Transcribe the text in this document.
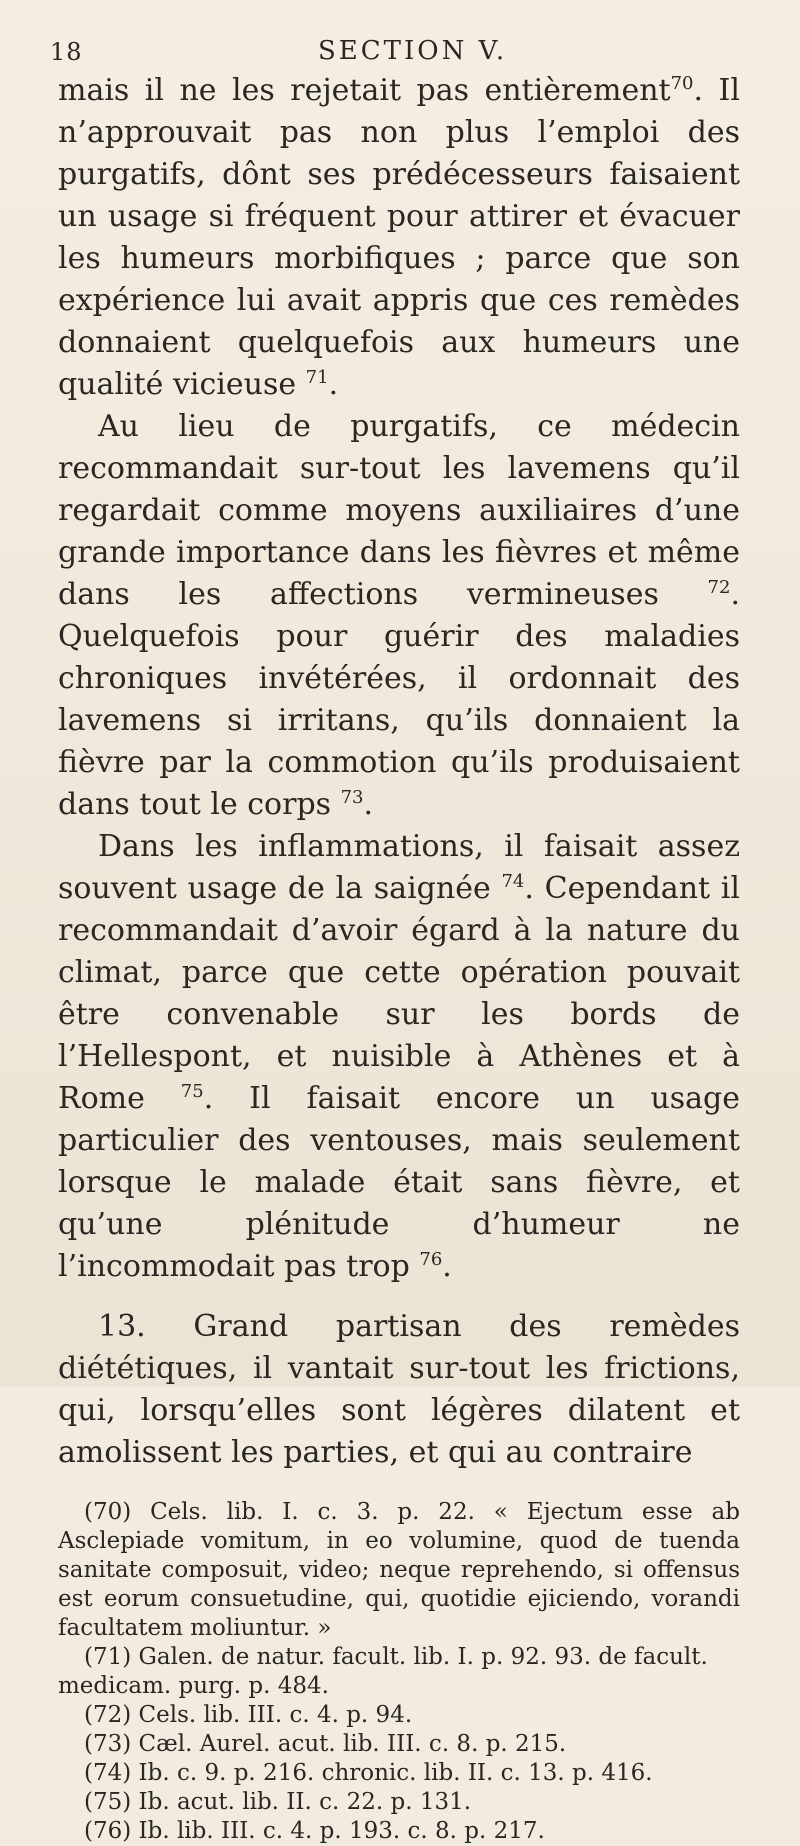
18	SECTION V.

mais il ne les rejetait pas entièrement$^{70}$. Il n’approuvait pas non plus l’emploi des purgatifs, dônt ses prédécesseurs faisaient un usage si fréquent pour attirer et évacuer les humeurs morbifiques ; parce que son expérience lui avait appris que ces remèdes donnaient quelquefois aux humeurs une qualité vicieuse $^{71}$.
Au lieu de purgatifs, ce médecin recommandait sur-tout les lavemens qu’il regardait comme moyens auxiliaires d’une grande importance dans les fièvres et même dans les affections vermineuses $^{72}$. Quelquefois pour guérir des maladies chroniques invétérées, il ordonnait des lavemens si irritans, qu’ils donnaient la fièvre par la commotion qu’ils produisaient dans tout le corps $^{73}$.
Dans les inflammations, il faisait assez souvent usage de la saignée $^{74}$. Cependant il recommandait d’avoir égard à la nature du climat, parce que cette opération pouvait être convenable sur les bords de l’Hellespont, et nuisible à Athènes et à Rome $^{75}$. Il faisait encore un usage particulier des ventouses, mais seulement lorsque le malade était sans fièvre, et qu’une plénitude d’humeur ne l’incommodait pas trop $^{76}$.
13. Grand partisan des remèdes diététiques, il vantait sur-tout les frictions, qui, lorsqu’elles sont légères dilatent et amolissent les parties, et qui au contraire

(70) Cels. lib. I. c. 3. p. 22. « Ejectum esse ab Asclepiade vomitum, in eo volumine, quod de tuenda sanitate composuit, video; neque reprehendo, si offensus est eorum consuetudine, qui, quotidie ejiciendo, vorandi facultatem moliuntur. »
(71) Galen. de natur. facult. lib. I. p. 92. 93. de facult. medicam. purg. p. 484.
(72) Cels. lib. III. c. 4. p. 94.
(73) Cæl. Aurel. acut. lib. III. c. 8. p. 215.
(74) Ib. c. 9. p. 216. chronic. lib. II. c. 13. p. 416.
(75) Ib. acut. lib. II. c. 22. p. 131.
(76) Ib. lib. III. c. 4. p. 193. c. 8. p. 217.
